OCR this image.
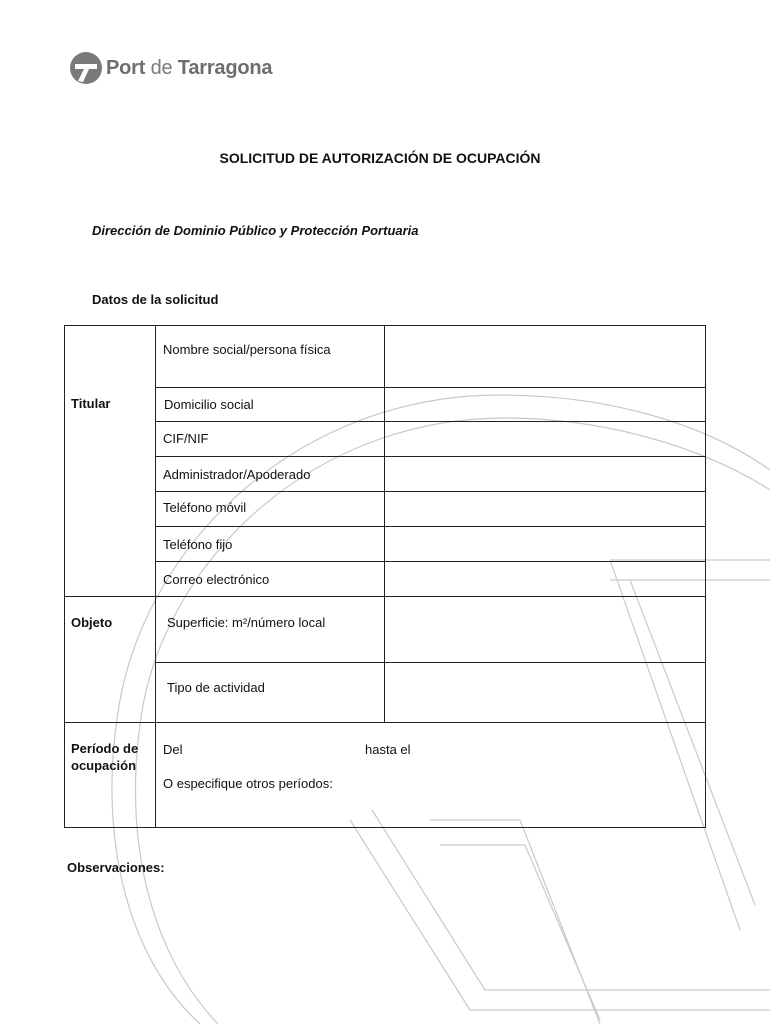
Port de Tarragona
SOLICITUD DE AUTORIZACIÓN DE OCUPACIÓN
Dirección de Dominio Público y Protección Portuaria
Datos de la solicitud
Titular
Objeto
Período de
ocupación
Nombre social/persona física
Domicilio social
CIF/NIF
Administrador/Apoderado
Teléfono móvil
Teléfono fijo
Correo electrónico
Superficie: m²/número local
Tipo de actividad
Del	hasta el
O especifique otros períodos:
Observaciones:
